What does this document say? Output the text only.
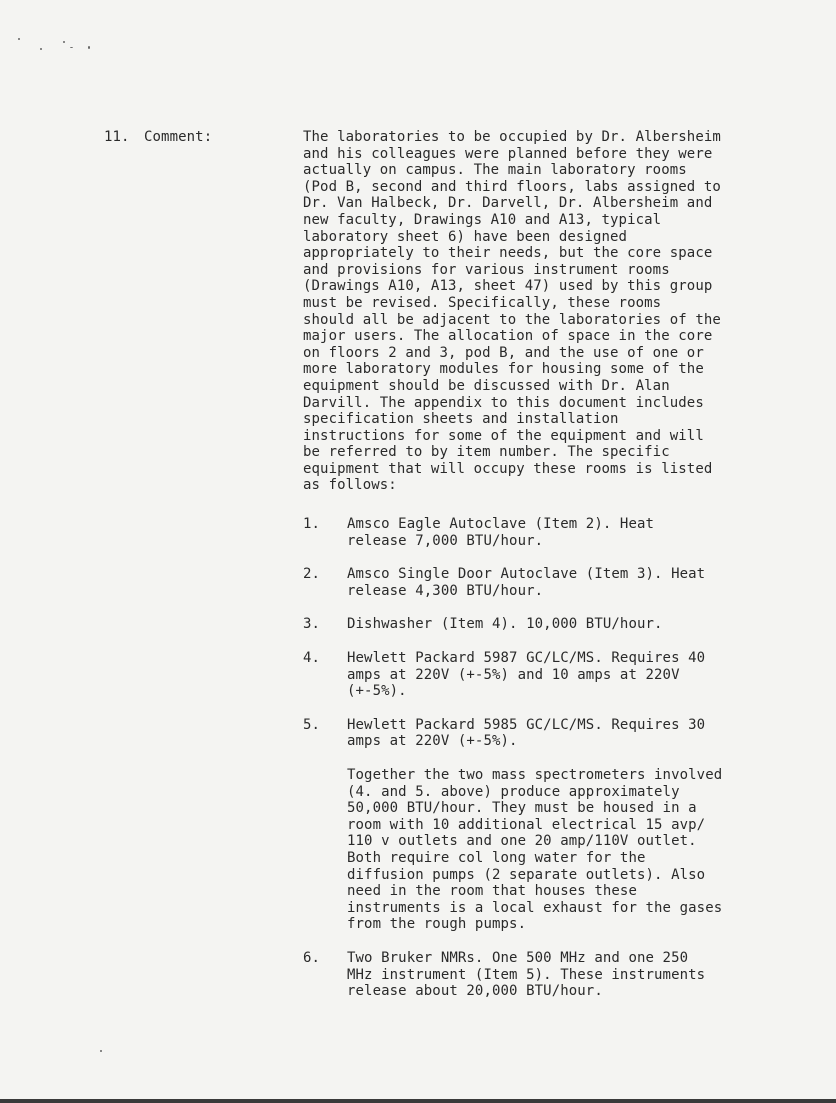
11. Comment:	The laboratories to be occupied by Dr. Albersheim
and his colleagues were planned before they were
actually on campus. The main laboratory rooms
(Pod B, second and third floors, labs assigned to
Dr. Van Halbeck, Dr. Darvell, Dr. Albersheim and
new faculty, Drawings A10 and A13, typical
laboratory sheet 6) have been designed
appropriately to their needs, but the core space
and provisions for various instrument rooms
(Drawings A10, A13, sheet 47) used by this group
must be revised. Specifically, these rooms
should all be adjacent to the laboratories of the
major users. The allocation of space in the core
on floors 2 and 3, pod B, and the use of one or
more laboratory modules for housing some of the
equipment should be discussed with Dr. Alan
Darvill. The appendix to this document includes
specification sheets and installation
instructions for some of the equipment and will
be referred to by item number. The specific
equipment that will occupy these rooms is listed
as follows:

1. Amsco Eagle Autoclave (Item 2). Heat
release 7,000 BTU/hour.
2. Amsco Single Door Autoclave (Item 3). Heat
release 4,300 BTU/hour.
3. Dishwasher (Item 4). 10,000 BTU/hour.
4. Hewlett Packard 5987 GC/LC/MS. Requires 40
amps at 220V (+-5%) and 10 amps at 220V
(+-5%).
5. Hewlett Packard 5985 GC/LC/MS. Requires 30
amps at 220V (+-5%).

Together the two mass spectrometers involved
(4. and 5. above) produce approximately
50,000 BTU/hour. They must be housed in a
room with 10 additional electrical 15 avp/
110 v outlets and one 20 amp/110V outlet.
Both require col long water for the
diffusion pumps (2 separate outlets). Also
need in the room that houses these
instruments is a local exhaust for the gases
from the rough pumps.

6. Two Bruker NMRs. One 500 MHz and one 250
MHz instrument (Item 5). These instruments
release about 20,000 BTU/hour.
